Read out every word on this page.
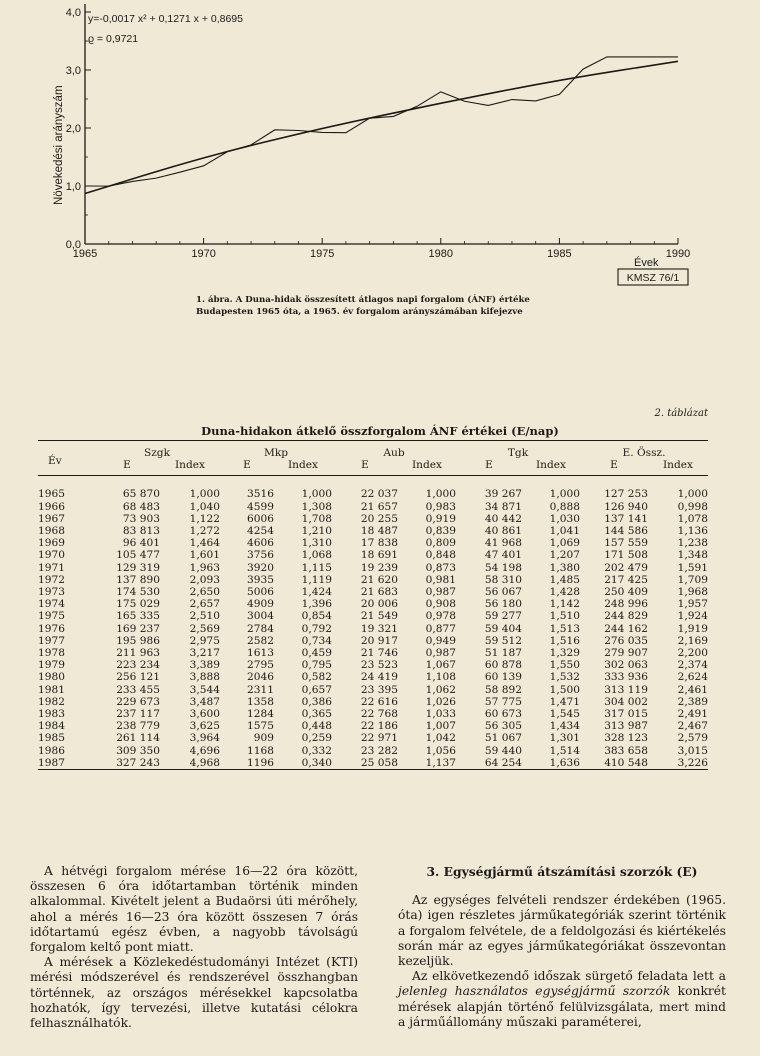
1965	1970	1975	1980	1985	1990
0,0
1,0
2,0
3,0
4,0
Növekedési arányszám
Évek
y=-0,0017 x² + 0,1271 x + 0,8695
ϱ = 0,9721
KMSZ 76/1
1. ábra. A Duna-hidak összesített átlagos napi forgalom (ÁNF) értéke
Budapesten 1965 óta, a 1965. év forgalom arányszámában kifejezve
2. táblázat
Duna-hidakon átkelő összforgalom ÁNF értékei (E/nap)
Év	Szgk		Mkp		Aub		Tgk		E. Össz.	
	E	Index	E	Index	E	Index	E	Index	E	Index

1965	65 870	1,000	3516	1,000	22 037	1,000	39 267	1,000	127 253	1,000
1966	68 483	1,040	4599	1,308	21 657	0,983	34 871	0,888	126 940	0,998
1967	73 903	1,122	6006	1,708	20 255	0,919	40 442	1,030	137 141	1,078
1968	83 813	1,272	4254	1,210	18 487	0,839	40 861	1,041	144 586	1,136
1969	96 401	1,464	4606	1,310	17 838	0,809	41 968	1,069	157 559	1,238
1970	105 477	1,601	3756	1,068	18 691	0,848	47 401	1,207	171 508	1,348
1971	129 319	1,963	3920	1,115	19 239	0,873	54 198	1,380	202 479	1,591
1972	137 890	2,093	3935	1,119	21 620	0,981	58 310	1,485	217 425	1,709
1973	174 530	2,650	5006	1,424	21 683	0,987	56 067	1,428	250 409	1,968
1974	175 029	2,657	4909	1,396	20 006	0,908	56 180	1,142	248 996	1,957
1975	165 335	2,510	3004	0,854	21 549	0,978	59 277	1,510	244 829	1,924
1976	169 237	2,569	2784	0,792	19 321	0,877	59 404	1,513	244 162	1,919
1977	195 986	2,975	2582	0,734	20 917	0,949	59 512	1,516	276 035	2,169
1978	211 963	3,217	1613	0,459	21 746	0,987	51 187	1,329	279 907	2,200
1979	223 234	3,389	2795	0,795	23 523	1,067	60 878	1,550	302 063	2,374
1980	256 121	3,888	2046	0,582	24 419	1,108	60 139	1,532	333 936	2,624
1981	233 455	3,544	2311	0,657	23 395	1,062	58 892	1,500	313 119	2,461
1982	229 673	3,487	1358	0,386	22 616	1,026	57 775	1,471	304 002	2,389
1983	237 117	3,600	1284	0,365	22 768	1,033	60 673	1,545	317 015	2,491
1984	238 779	3,625	1575	0,448	22 186	1,007	56 305	1,434	313 987	2,467
1985	261 114	3,964	909	0,259	22 971	1,042	51 067	1,301	328 123	2,579
1986	309 350	4,696	1168	0,332	23 282	1,056	59 440	1,514	383 658	3,015
1987	327 243	4,968	1196	0,340	25 058	1,137	64 254	1,636	410 548	3,226

A hétvégi forgalom mérése 16—22 óra között, összesen 6 óra időtartamban történik minden alkalommal. Kivételt jelent a Budaörsi úti mérőhely, ahol a mérés 16—23 óra között összesen 7 órás időtartamú egész évben, a nagyobb távolságú forgalom keltő pont miatt.

A mérések a Közlekedéstudományi Intézet (KTI) mérési módszerével és rendszerével összhangban történnek, az országos mérésekkel kapcsolatba hozhatók, így tervezési, illetve kutatási célokra felhasználhatók.

3. Egységjármű átszámítási szorzók (E)

Az egységes felvételi rendszer érdekében (1965. óta) igen részletes járműkategóriák szerint történik a forgalom felvétele, de a feldolgozási és kiértékelés során már az egyes járműkategóriákat összevontan kezeljük.

Az elkövetkezendő időszak sürgető feladata lett a jelenleg használatos egységjármű szorzók konkrét mérések alapján történő felülvizsgálata, mert mind a járműállomány műszaki paraméterei,
